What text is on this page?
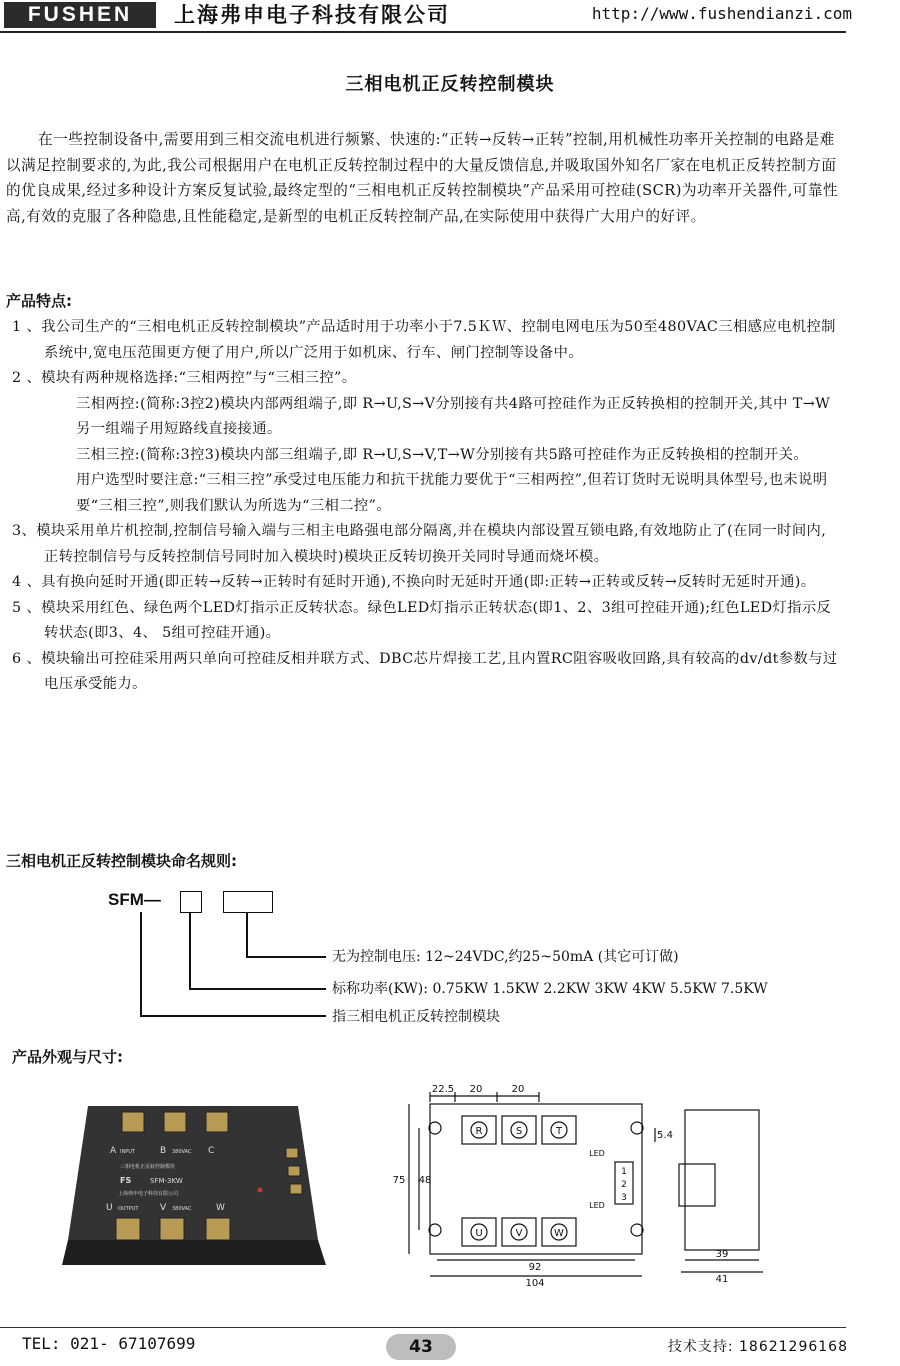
FUSHEN	上海弗申电子科技有限公司	http://www.fushendianzi.com
三相电机正反转控制模块
在一些控制设备中,需要用到三相交流电机进行频繁、快速的:“正转→反转→正转”控制,用机械性功率开关控制的电路是难以满足控制要求的,为此,我公司根据用户在电机正反转控制过程中的大量反馈信息,并吸取国外知名厂家在电机正反转控制方面的优良成果,经过多种设计方案反复试验,最终定型的“三相电机正反转控制模块”产品采用可控硅(SCR)为功率开关器件,可靠性高,有效的克服了各种隐患,且性能稳定,是新型的电机正反转控制产品,在实际使用中获得广大用户的好评。
产品特点:

1 、我公司生产的“三相电机正反转控制模块”产品适时用于功率小于7.5ＫＷ、控制电网电压为50至480VAC三相感应电机控制系统中,宽电压范围更方便了用户,所以广泛用于如机床、行车、闸门控制等设备中。

2 、模块有两种规格选择:“三相两控”与“三相三控”。

三相两控:(简称:3控2)模块内部两组端子,即 R→U,S→V分别接有共4路可控硅作为正反转换相的控制开关,其中 T→W另一组端子用短路线直接接通。

三相三控:(简称:3控3)模块内部三组端子,即 R→U,S→V,T→W分别接有共5路可控硅作为正反转换相的控制开关。

用户选型时要注意:“三相三控”承受过电压能力和抗干扰能力要优于“三相两控”,但若订货时无说明具体型号,也未说明要“三相三控”,则我们默认为所选为“三相二控”。

3、模块采用单片机控制,控制信号输入端与三相主电路强电部分隔离,并在模块内部设置互锁电路,有效地防止了(在同一时间内,正转控制信号与反转控制信号同时加入模块时)模块正反转切换开关同时导通而烧坏模。

4 、具有换向延时开通(即正转→反转→正转时有延时开通),不换向时无延时开通(即:正转→正转或反转→反转时无延时开通)。

5 、模块采用红色、绿色两个LED灯指示正反转状态。绿色LED灯指示正转状态(即1、2、3组可控硅开通);红色LED灯指示反转状态(即3、4、 5组可控硅开通)。

6 、模块输出可控硅采用两只单向可控硅反相并联方式、DBC芯片焊接工艺,且内置RC阻容吸收回路,具有较高的dv/dt参数与过电压承受能力。

三相电机正反转控制模块命名规则:
SFM—
无为控制电压: 12~24VDC,约25~50mA (其它可订做)
标称功率(KW): 0.75KW 1.5KW 2.2KW 3KW 4KW 5.5KW 7.5KW
指三相电机正反转控制模块
产品外观与尺寸:
A INPUT	B 380VAC C
三相电机正反转控制模块
FS	SFM-3KW
上海弗申电子科技有限公司
U OUTPUT V 380VAC	W
22.5 20	20
75 48
5.4
92
104
39
41
R	S	T
U	V	W
LED
LED
1
2
3
TEL: 021- 67107699	43	技术支持: 18621296168
